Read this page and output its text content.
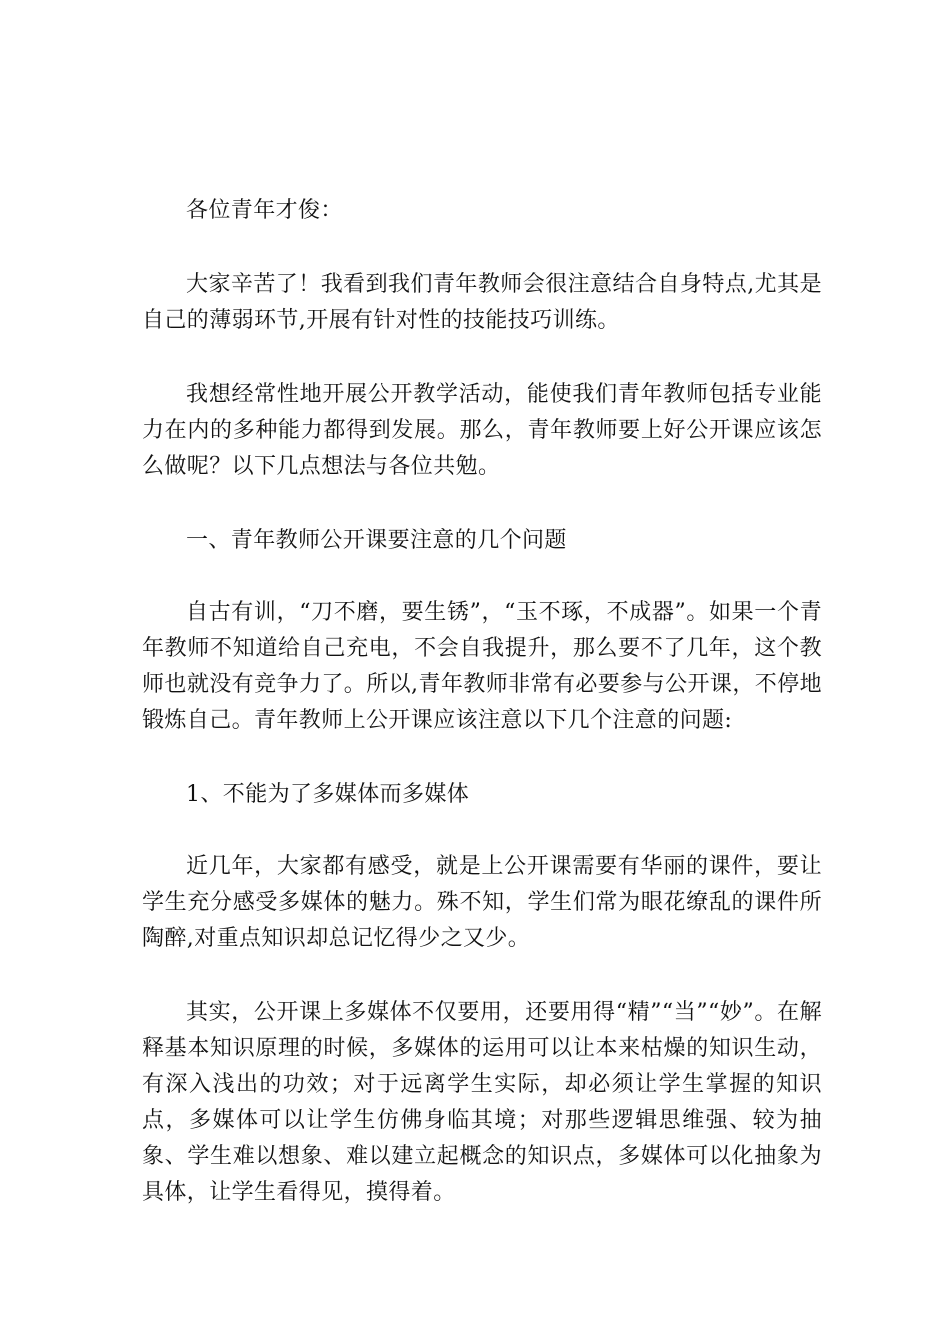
各位青年才俊：

大家辛苦了！我看到我们青年教师会很注意结合自身特点,尤其是自己的薄弱环节,开展有针对性的技能技巧训练。

我想经常性地开展公开教学活动，能使我们青年教师包括专业能力在内的多种能力都得到发展。那么，青年教师要上好公开课应该怎么做呢？以下几点想法与各位共勉。

一、青年教师公开课要注意的几个问题

自古有训，“刀不磨，要生锈”，“玉不琢，不成器”。如果一个青年教师不知道给自己充电，不会自我提升，那么要不了几年，这个教师也就没有竞争力了。所以,青年教师非常有必要参与公开课，不停地锻炼自己。青年教师上公开课应该注意以下几个注意的问题:

1、不能为了多媒体而多媒体

近几年，大家都有感受，就是上公开课需要有华丽的课件，要让学生充分感受多媒体的魅力。殊不知，学生们常为眼花缭乱的课件所陶醉,对重点知识却总记忆得少之又少。

其实，公开课上多媒体不仅要用，还要用得“精”“当”“妙”。在解释基本知识原理的时候，多媒体的运用可以让本来枯燥的知识生动，有深入浅出的功效；对于远离学生实际，却必须让学生掌握的知识点，多媒体可以让学生仿佛身临其境；对那些逻辑思维强、较为抽象、学生难以想象、难以建立起概念的知识点，多媒体可以化抽象为具体，让学生看得见，摸得着。
